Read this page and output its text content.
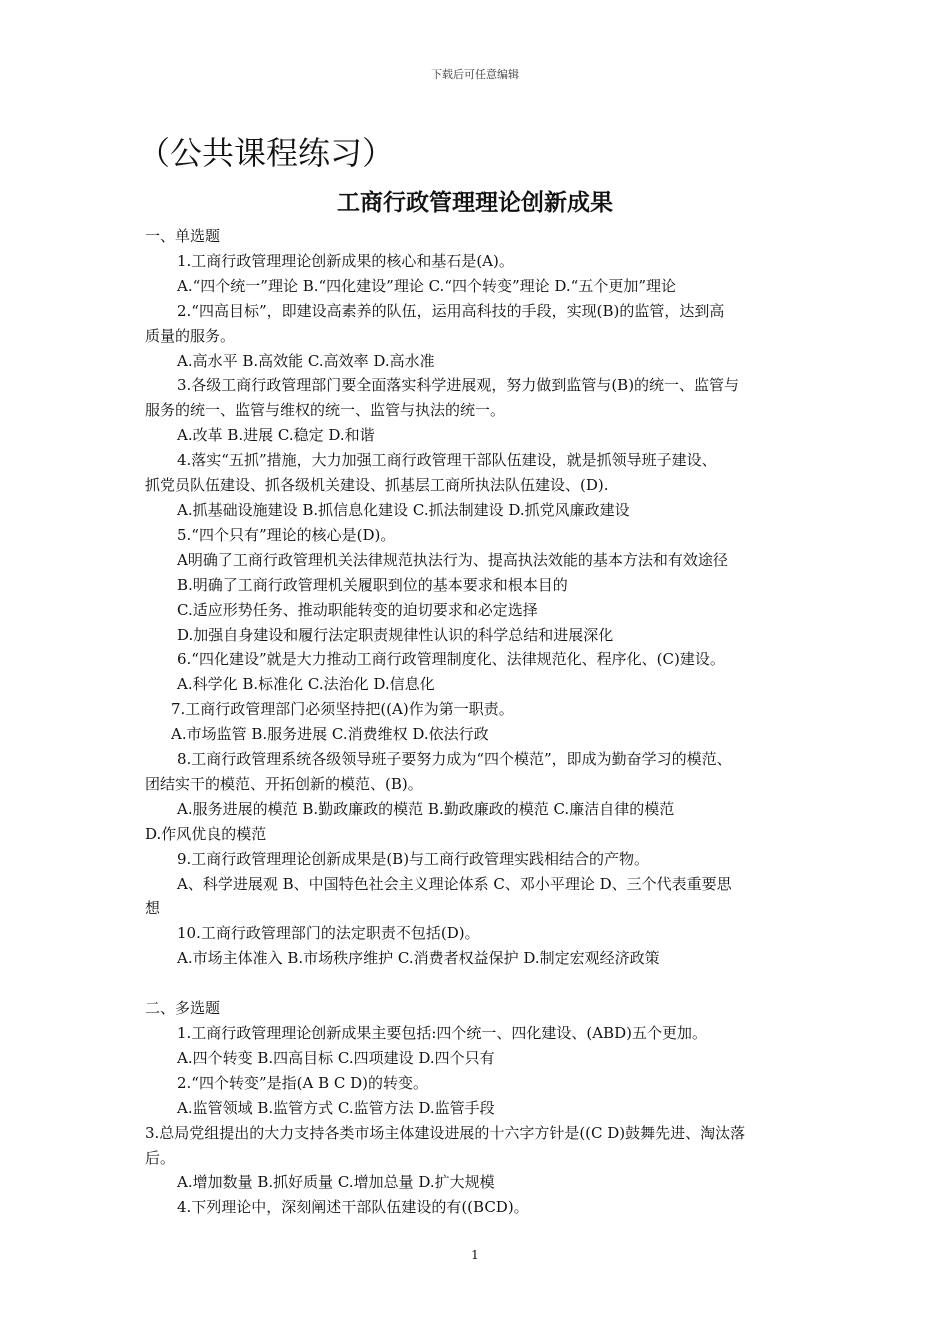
下载后可任意编辑
（公共课程练习）
工商行政管理理论创新成果

一、单选题

1.工商行政管理理论创新成果的核心和基石是(A)。

A.“四个统一”理论 B.“四化建设”理论 C.“四个转变”理论 D.“五个更加”理论

2.“四高目标”，即建设高素养的队伍，运用高科技的手段，实现(B)的监管，达到高

质量的服务。

A.高水平 B.高效能 C.高效率 D.高水准

3.各级工商行政管理部门要全面落实科学进展观，努力做到监管与(B)的统一、监管与

服务的统一、监管与维权的统一、监管与执法的统一。

A.改革 B.进展 C.稳定 D.和谐

4.落实“五抓”措施，大力加强工商行政管理干部队伍建设，就是抓领导班子建设、

抓党员队伍建设、抓各级机关建设、抓基层工商所执法队伍建设、(D).

A.抓基础设施建设 B.抓信息化建设 C.抓法制建设 D.抓党风廉政建设

5.“四个只有”理论的核心是(D)。

A明确了工商行政管理机关法律规范执法行为、提高执法效能的基本方法和有效途径

B.明确了工商行政管理机关履职到位的基本要求和根本目的

C.适应形势任务、推动职能转变的迫切要求和必定选择

D.加强自身建设和履行法定职责规律性认识的科学总结和进展深化

6.“四化建设”就是大力推动工商行政管理制度化、法律规范化、程序化、(C)建设。

A.科学化 B.标准化 C.法治化 D.信息化

7.工商行政管理部门必须坚持把((A)作为第一职责。

A.市场监管 B.服务进展 C.消费维权 D.依法行政

8.工商行政管理系统各级领导班子要努力成为“四个模范”，即成为勤奋学习的模范、

团结实干的模范、开拓创新的模范、(B)。

A.服务进展的模范 B.勤政廉政的模范 B.勤政廉政的模范 C.廉洁自律的模范

D.作风优良的模范

9.工商行政管理理论创新成果是(B)与工商行政管理实践相结合的产物。

A、科学进展观 B、中国特色社会主义理论体系 C、邓小平理论 D、三个代表重要思

想

10.工商行政管理部门的法定职责不包括(D)。

A.市场主体准入 B.市场秩序维护 C.消费者权益保护 D.制定宏观经济政策

二、多选题

1.工商行政管理理论创新成果主要包括:四个统一、四化建设、(ABD)五个更加。

A.四个转变 B.四高目标 C.四项建设 D.四个只有

2.“四个转变”是指(A B C D)的转变。

A.监管领域 B.监管方式 C.监管方法 D.监管手段

3.总局党组提出的大力支持各类市场主体建设进展的十六字方针是((C D)鼓舞先进、淘汰落

后。

A.增加数量 B.抓好质量 C.增加总量 D.扩大规模

4.下列理论中，深刻阐述干部队伍建设的有((BCD)。

1
